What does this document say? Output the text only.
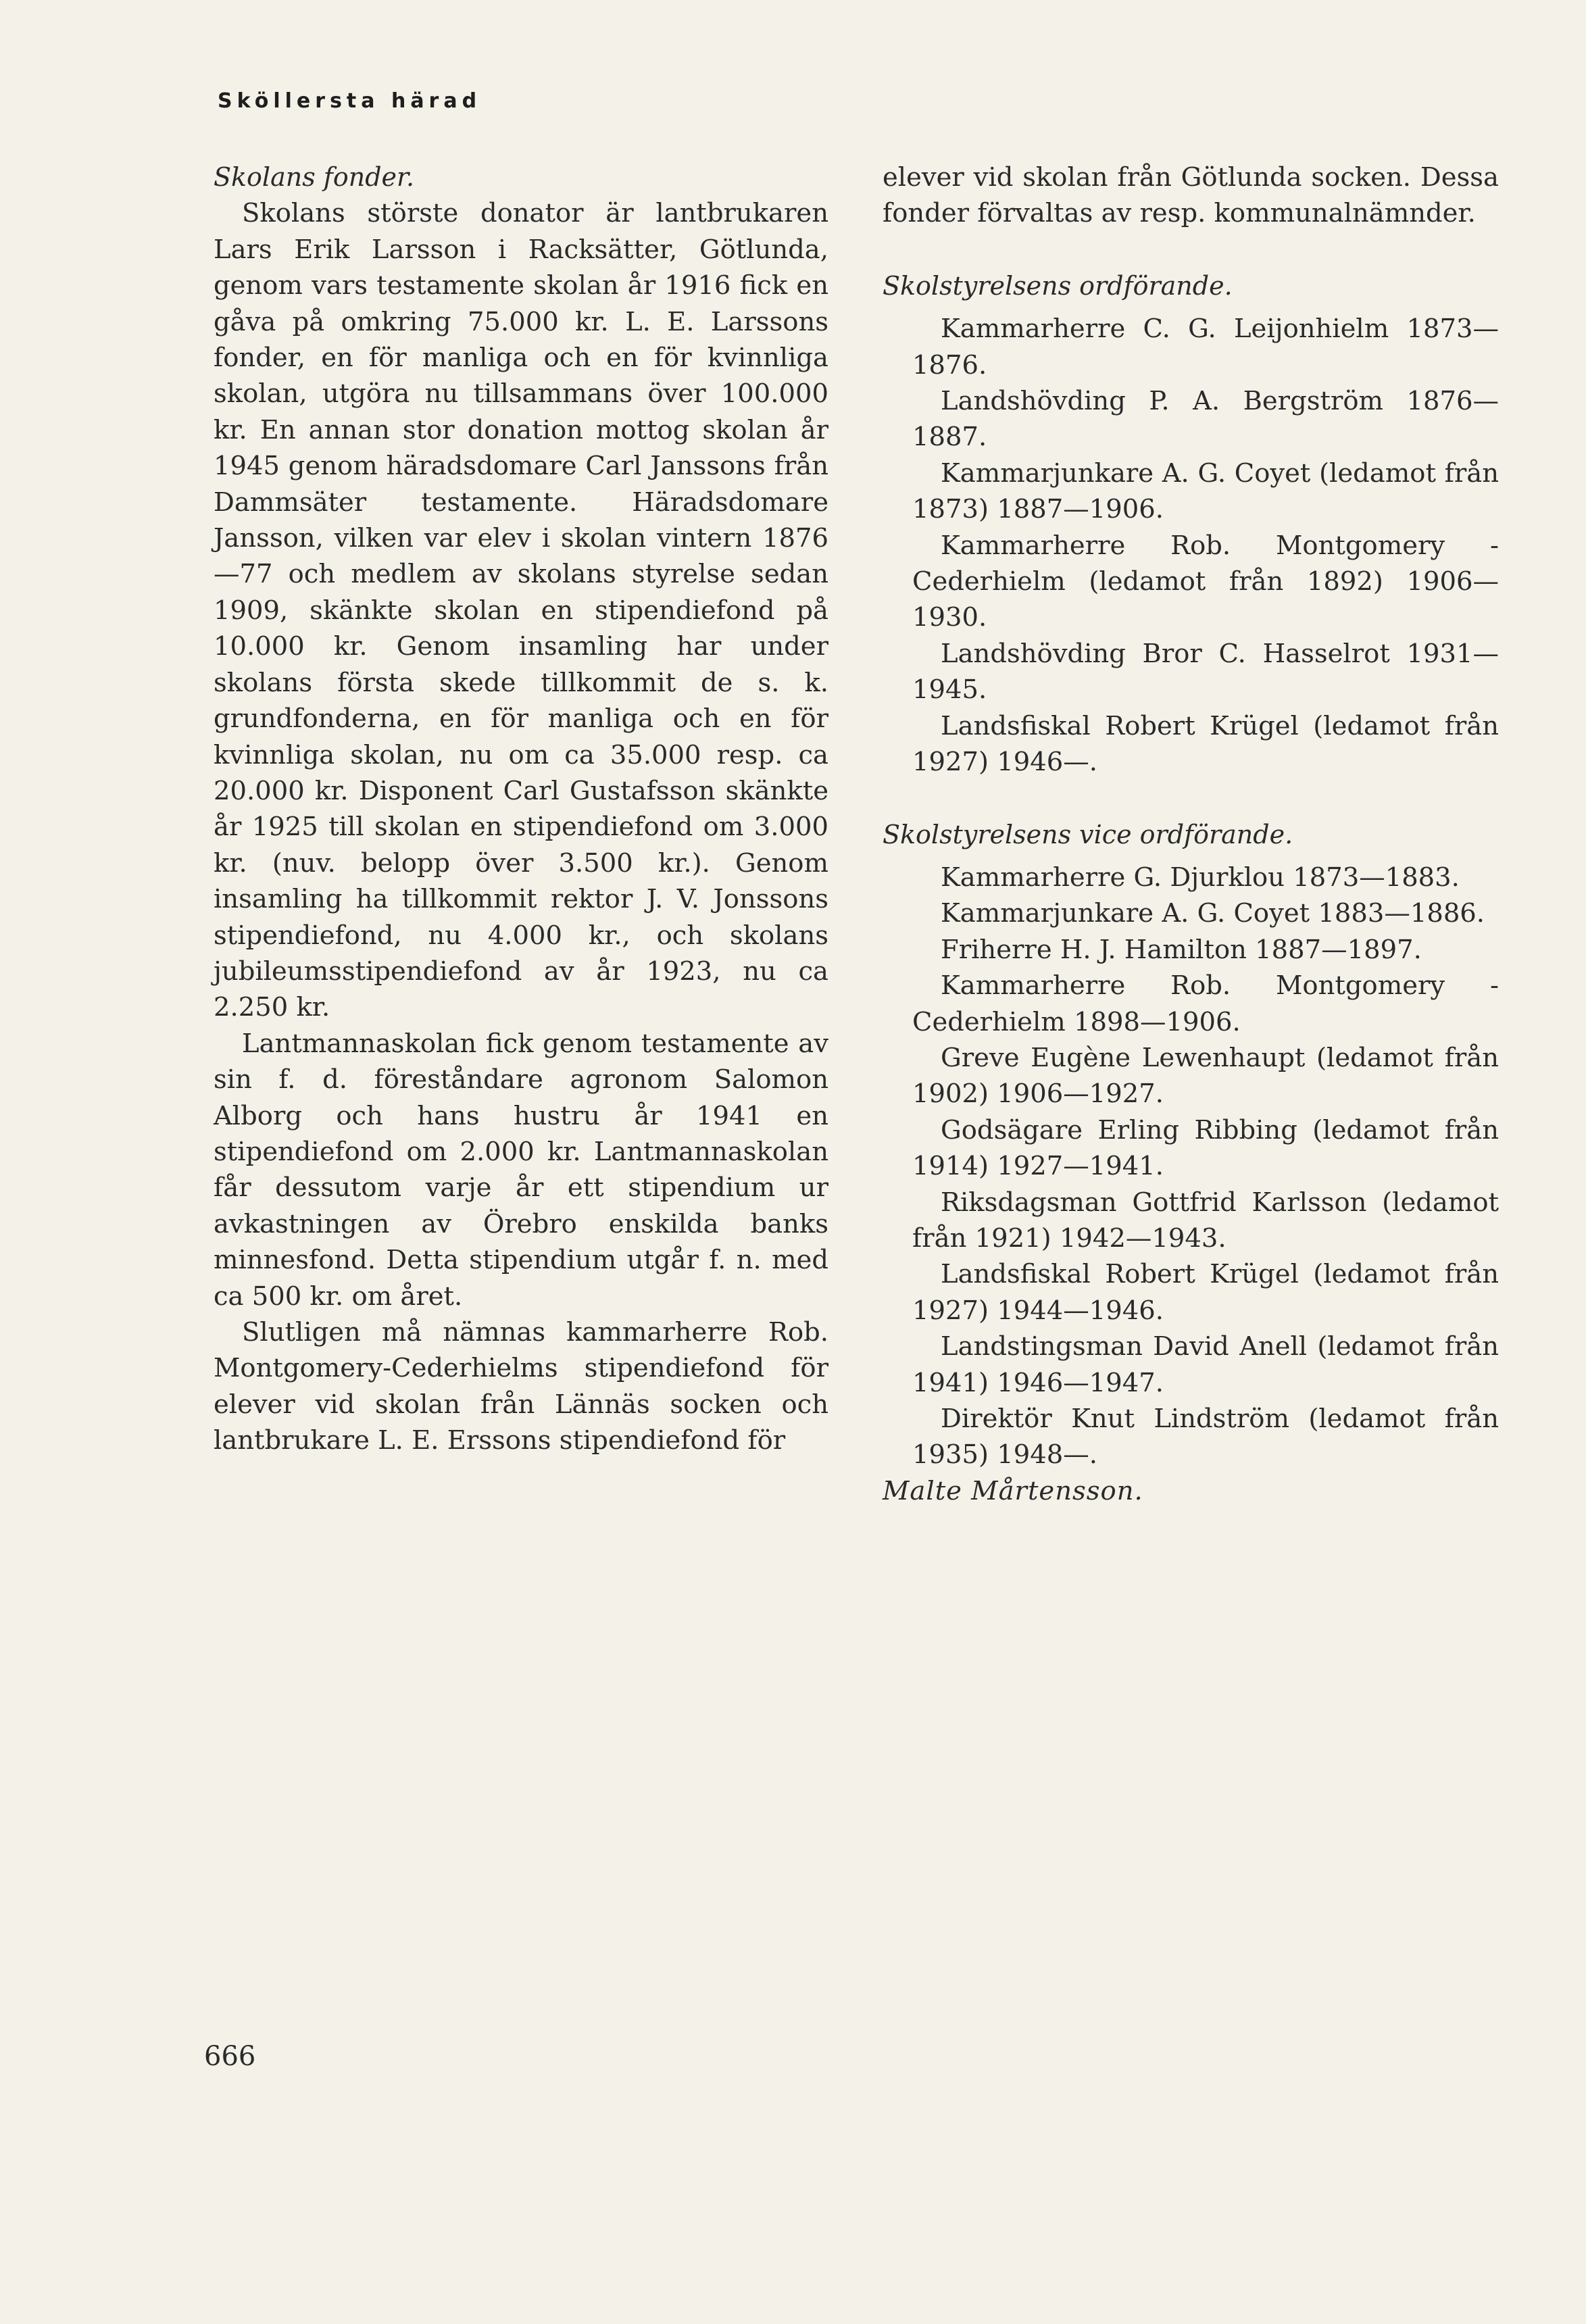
Sköllersta härad

Skolans fonder.

Skolans störste donator är lantbrukaren Lars Erik Larsson i Racksätter, Götlunda, genom vars testamente skolan år 1916 fick en gåva på omkring 75.000 kr. L. E. Larssons fonder, en för manliga och en för kvinnliga skolan, utgöra nu tillsammans över 100.000 kr. En annan stor donation mottog skolan år 1945 genom häradsdomare Carl Janssons från Dammsäter testamente. Häradsdomare Jansson, vilken var elev i skolan vintern 1876—77 och medlem av skolans styrelse sedan 1909, skänkte skolan en stipendiefond på 10.000 kr. Genom insamling har under skolans första skede tillkommit de s. k. grundfonderna, en för manliga och en för kvinnliga skolan, nu om ca 35.000 resp. ca 20.000 kr. Disponent Carl Gustafsson skänkte år 1925 till skolan en stipendiefond om 3.000 kr. (nuv. belopp över 3.500 kr.). Genom insamling ha tillkommit rektor J. V. Jonssons stipendiefond, nu 4.000 kr., och skolans jubileumsstipendiefond av år 1923, nu ca 2.250 kr.

Lantmannaskolan fick genom testamente av sin f. d. föreståndare agronom Salomon Alborg och hans hustru år 1941 en stipendiefond om 2.000 kr. Lantmannaskolan får dessutom varje år ett stipendium ur avkastningen av Örebro enskilda banks minnesfond. Detta stipendium utgår f. n. med ca 500 kr. om året.

Slutligen må nämnas kammarherre Rob. Montgomery-Cederhielms stipendiefond för elever vid skolan från Lännäs socken och lantbrukare L. E. Erssons stipendiefond för

elever vid skolan från Götlunda socken. Dessa fonder förvaltas av resp. kommunalnämnder.

Skolstyrelsens ordförande.

Kammarherre C. G. Leijonhielm 1873—1876.

Landshövding P. A. Bergström 1876—1887.

Kammarjunkare A. G. Coyet (ledamot från 1873) 1887—1906.

Kammarherre Rob. Montgomery - Cederhielm (ledamot från 1892) 1906—1930.

Landshövding Bror C. Hasselrot 1931—1945.

Landsfiskal Robert Krügel (ledamot från 1927) 1946—.

Skolstyrelsens vice ordförande.

Kammarherre G. Djurklou 1873—1883.

Kammarjunkare A. G. Coyet 1883—1886.

Friherre H. J. Hamilton 1887—1897.

Kammarherre Rob. Montgomery - Cederhielm 1898—1906.

Greve Eugène Lewenhaupt (ledamot från 1902) 1906—1927.

Godsägare Erling Ribbing (ledamot från 1914) 1927—1941.

Riksdagsman Gottfrid Karlsson (ledamot från 1921) 1942—1943.

Landsfiskal Robert Krügel (ledamot från 1927) 1944—1946.

Landstingsman David Anell (ledamot från 1941) 1946—1947.

Direktör Knut Lindström (ledamot från 1935) 1948—.

Malte Mårtensson.

666
